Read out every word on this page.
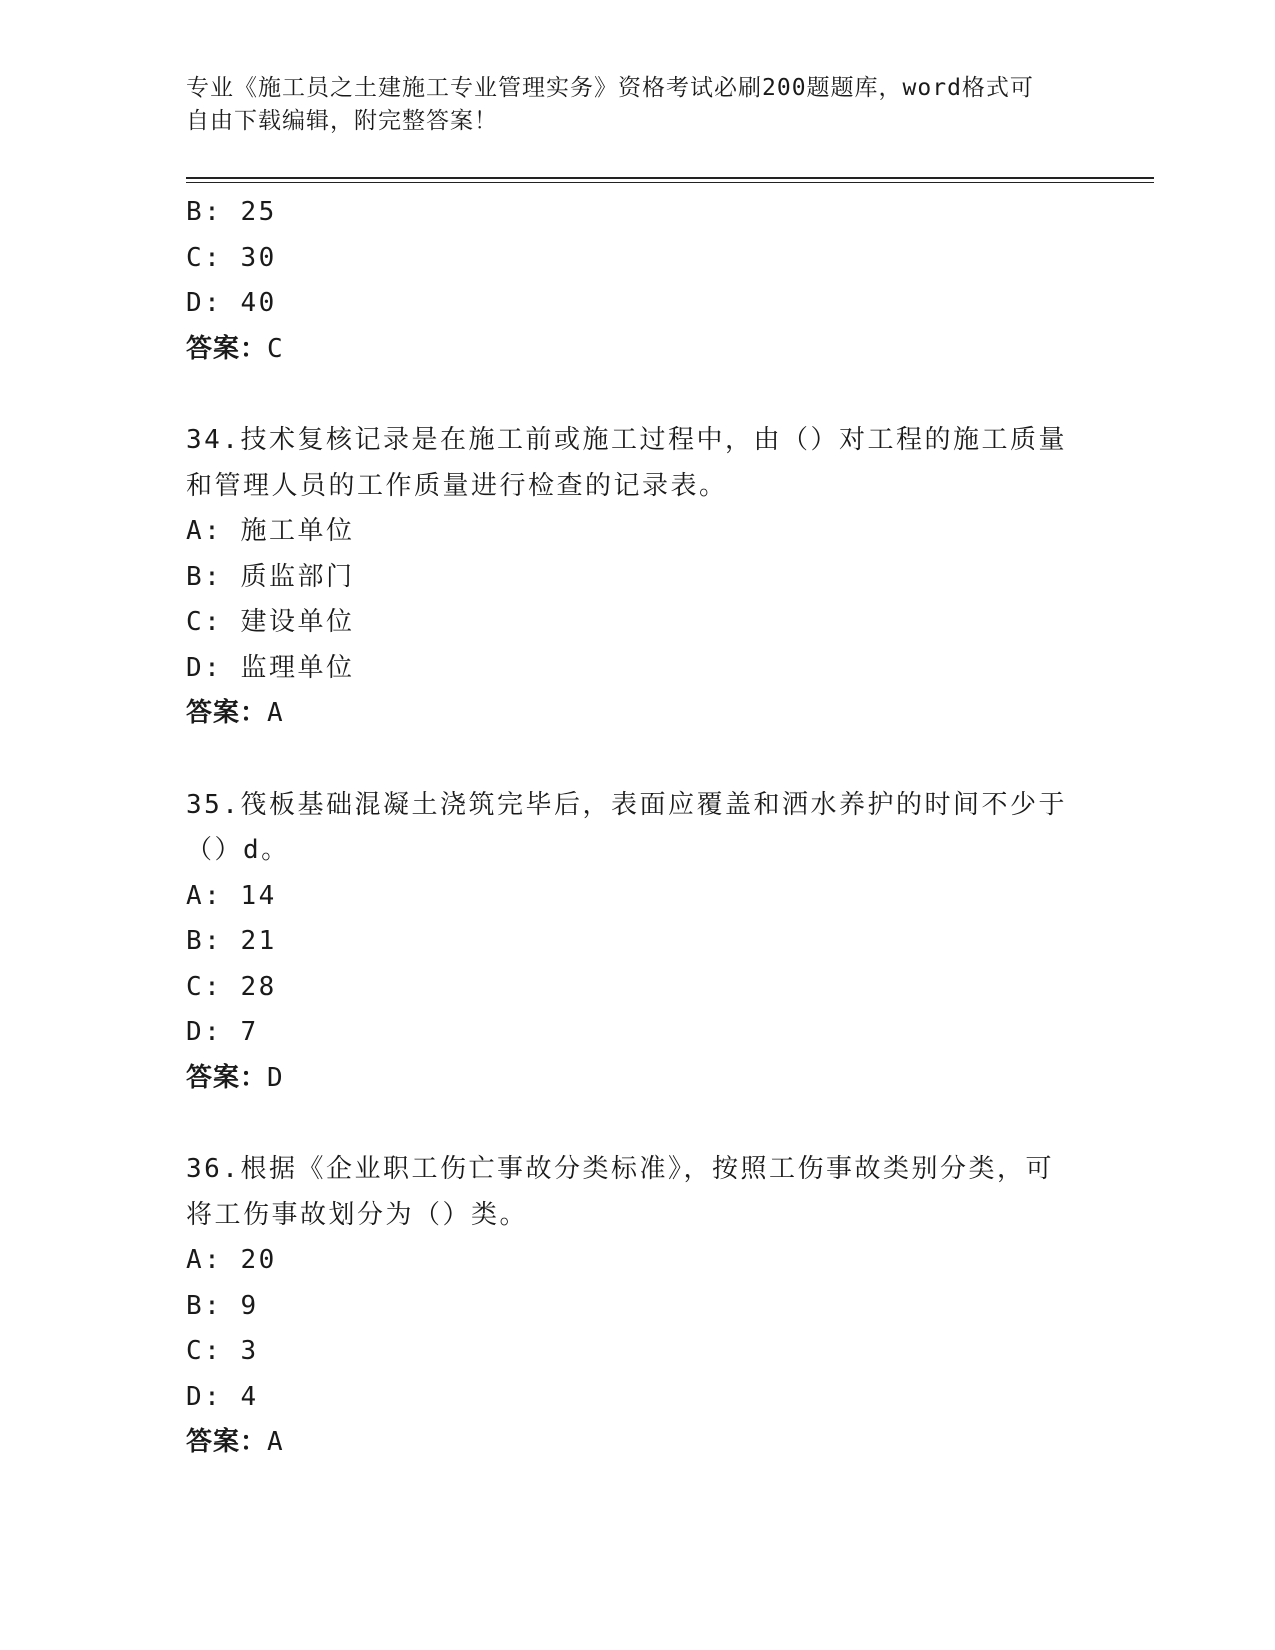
专业《施工员之土建施工专业管理实务》资格考试必刷200题题库，word格式可
自由下载编辑，附完整答案！
B: 25
C: 30
D: 40
答案：C
34.技术复核记录是在施工前或施工过程中，由（）对工程的施工质量
和管理人员的工作质量进行检查的记录表。
A: 施工单位
B: 质监部门
C: 建设单位
D: 监理单位
答案：A
35.筏板基础混凝土浇筑完毕后，表面应覆盖和洒水养护的时间不少于
（）d。
A: 14
B: 21
C: 28
D: 7
答案：D
36.根据《企业职工伤亡事故分类标准》，按照工伤事故类别分类，可
将工伤事故划分为（）类。
A: 20
B: 9
C: 3
D: 4
答案：A
